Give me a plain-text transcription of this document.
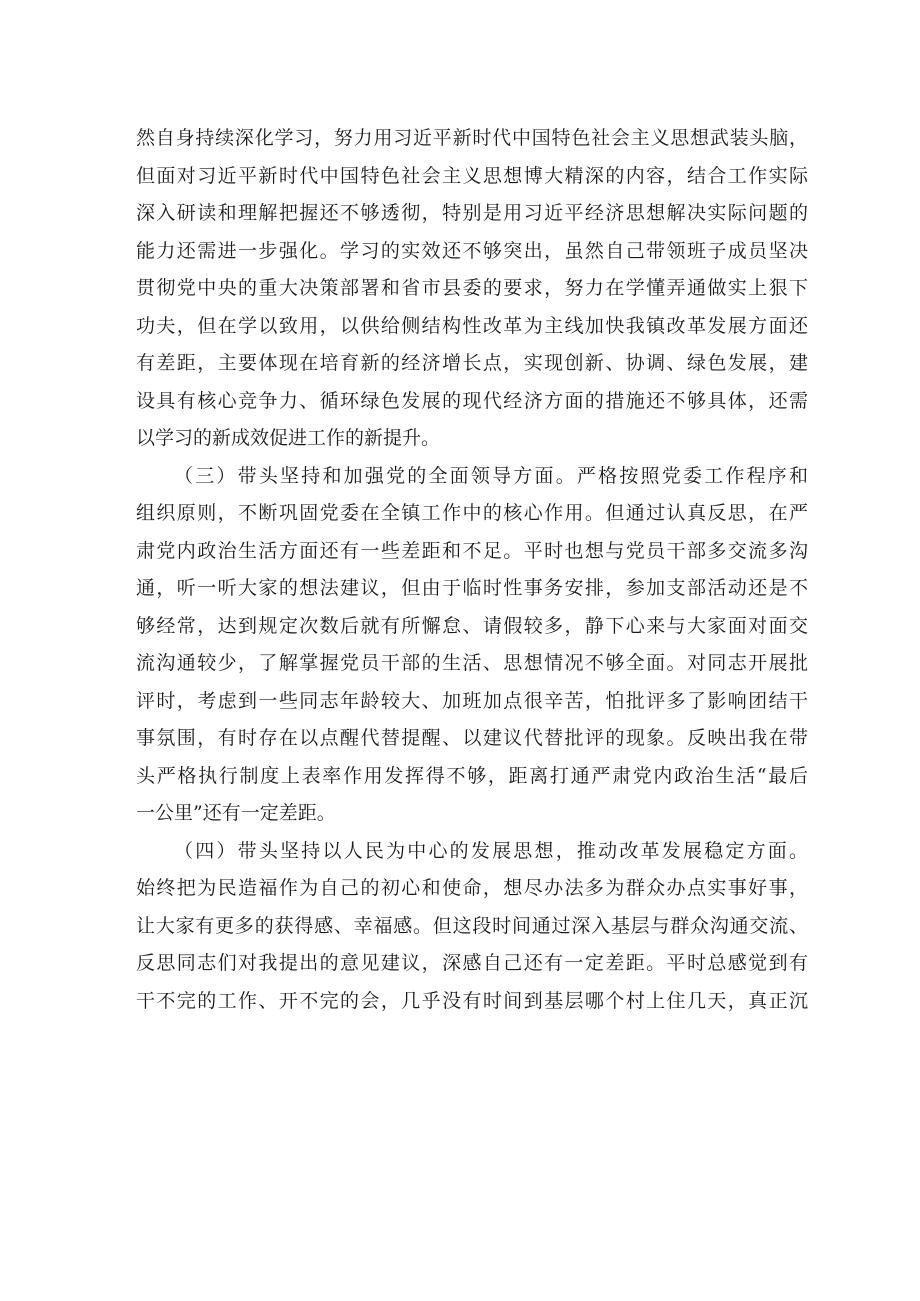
然自身持续深化学习，努力用习近平新时代中国特色社会主义思想武装头脑，
但面对习近平新时代中国特色社会主义思想博大精深的内容，结合工作实际
深入研读和理解把握还不够透彻，特别是用习近平经济思想解决实际问题的
能力还需进一步强化。学习的实效还不够突出，虽然自己带领班子成员坚决
贯彻党中央的重大决策部署和省市县委的要求，努力在学懂弄通做实上狠下
功夫，但在学以致用，以供给侧结构性改革为主线加快我镇改革发展方面还
有差距，主要体现在培育新的经济增长点，实现创新、协调、绿色发展，建
设具有核心竞争力、循环绿色发展的现代经济方面的措施还不够具体，还需
以学习的新成效促进工作的新提升。
（三）带头坚持和加强党的全面领导方面。严格按照党委工作程序和
组织原则，不断巩固党委在全镇工作中的核心作用。但通过认真反思，在严
肃党内政治生活方面还有一些差距和不足。平时也想与党员干部多交流多沟
通，听一听大家的想法建议，但由于临时性事务安排，参加支部活动还是不
够经常，达到规定次数后就有所懈怠、请假较多，静下心来与大家面对面交
流沟通较少，了解掌握党员干部的生活、思想情况不够全面。对同志开展批
评时，考虑到一些同志年龄较大、加班加点很辛苦，怕批评多了影响团结干
事氛围，有时存在以点醒代替提醒、以建议代替批评的现象。反映出我在带
头严格执行制度上表率作用发挥得不够，距离打通严肃党内政治生活“最后
一公里”还有一定差距。
（四）带头坚持以人民为中心的发展思想，推动改革发展稳定方面。
始终把为民造福作为自己的初心和使命，想尽办法多为群众办点实事好事，
让大家有更多的获得感、幸福感。但这段时间通过深入基层与群众沟通交流、
反思同志们对我提出的意见建议，深感自己还有一定差距。平时总感觉到有
干不完的工作、开不完的会，几乎没有时间到基层哪个村上住几天，真正沉
